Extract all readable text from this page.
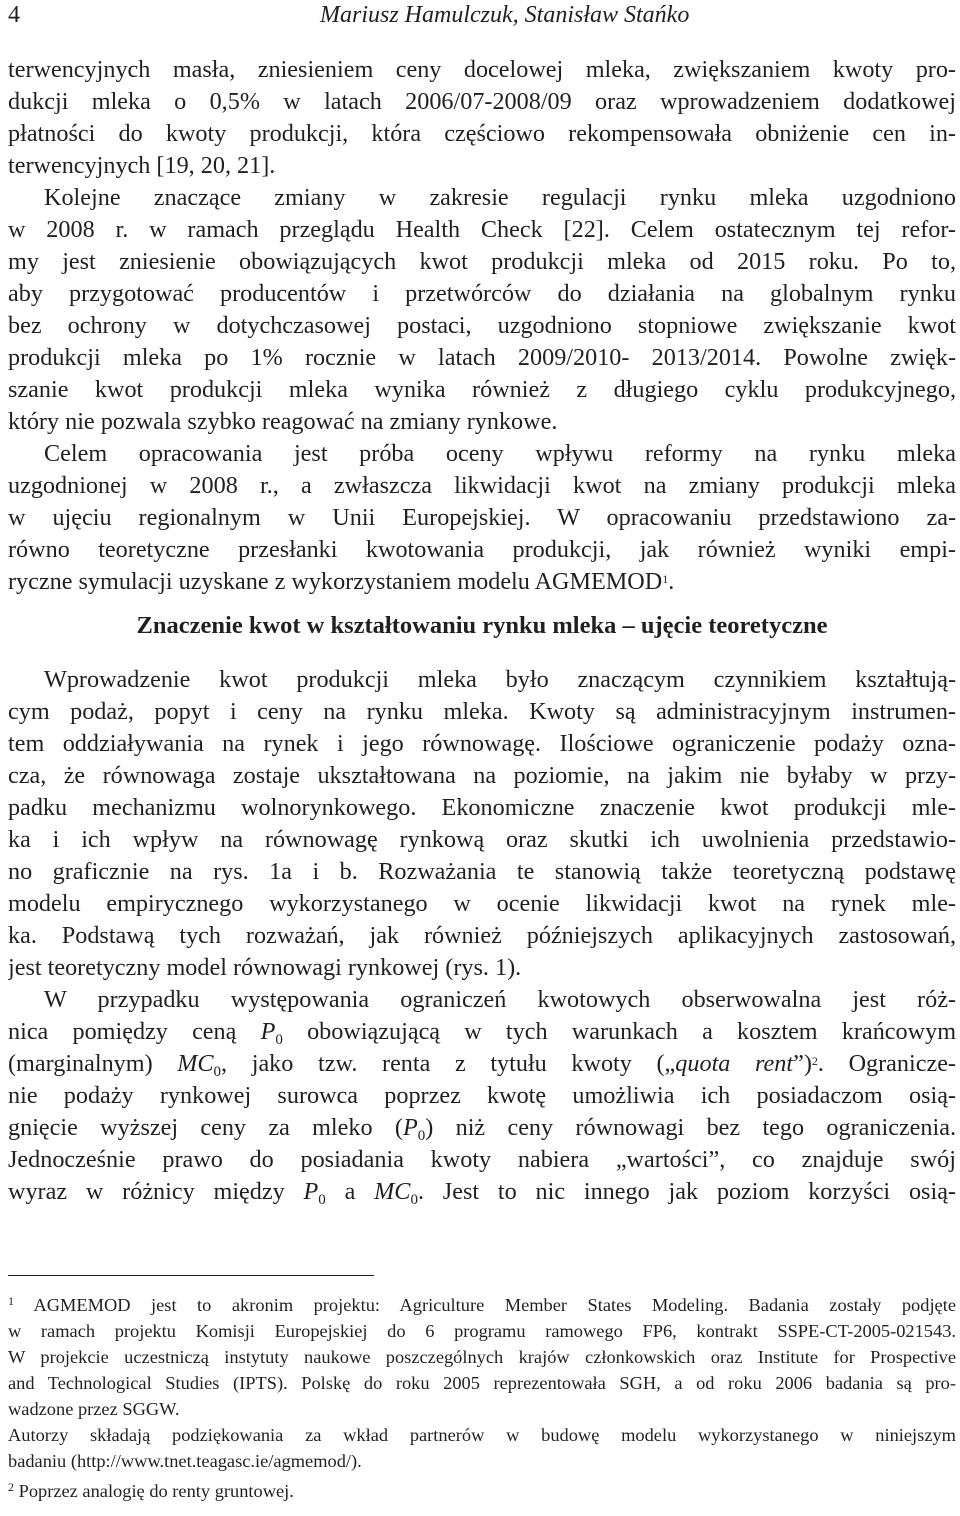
4	Mariusz Hamulczuk, Stanisław Stańko
terwencyjnych masła, zniesieniem ceny docelowej mleka, zwiększaniem kwoty pro-
dukcji mleka o 0,5% w latach 2006/07-2008/09 oraz wprowadzeniem dodatkowej
płatności do kwoty produkcji, która częściowo rekompensowała obniżenie cen in-
terwencyjnych [19, 20, 21].
Kolejne znaczące zmiany w zakresie regulacji rynku mleka uzgodniono
w 2008 r. w ramach przeglądu Health Check [22]. Celem ostatecznym tej refor-
my jest zniesienie obowiązujących kwot produkcji mleka od 2015 roku. Po to,
aby przygotować producentów i przetwórców do działania na globalnym rynku
bez ochrony w dotychczasowej postaci, uzgodniono stopniowe zwiększanie kwot
produkcji mleka po 1% rocznie w latach 2009/2010- 2013/2014. Powolne zwięk-
szanie kwot produkcji mleka wynika również z długiego cyklu produkcyjnego,
który nie pozwala szybko reagować na zmiany rynkowe.
Celem opracowania jest próba oceny wpływu reformy na rynku mleka
uzgodnionej w 2008 r., a zwłaszcza likwidacji kwot na zmiany produkcji mleka
w ujęciu regionalnym w Unii Europejskiej. W opracowaniu przedstawiono za-
równo teoretyczne przesłanki kwotowania produkcji, jak również wyniki empi-
ryczne symulacji uzyskane z wykorzystaniem modelu AGMEMOD$^1$.
Znaczenie kwot w kształtowaniu rynku mleka – ujęcie teoretyczne
Wprowadzenie kwot produkcji mleka było znaczącym czynnikiem kształtują-
cym podaż, popyt i ceny na rynku mleka. Kwoty są administracyjnym instrumen-
tem oddziaływania na rynek i jego równowagę. Ilościowe ograniczenie podaży ozna-
cza, że równowaga zostaje ukształtowana na poziomie, na jakim nie byłaby w przy-
padku mechanizmu wolnorynkowego. Ekonomiczne znaczenie kwot produkcji mle-
ka i ich wpływ na równowagę rynkową oraz skutki ich uwolnienia przedstawio-
no graficznie na rys. 1a i b. Rozważania te stanowią także teoretyczną podstawę
modelu empirycznego wykorzystanego w ocenie likwidacji kwot na rynek mle-
ka. Podstawą tych rozważań, jak również późniejszych aplikacyjnych zastosowań,
jest teoretyczny model równowagi rynkowej (rys. 1).
W przypadku występowania ograniczeń kwotowych obserwowalna jest róż-
nica pomiędzy ceną $P_0$ obowiązującą w tych warunkach a kosztem krańcowym
(marginalnym) $MC_0$, jako tzw. renta z tytułu kwoty („quota rent”)$^2$. Ogranicze-
nie podaży rynkowej surowca poprzez kwotę umożliwia ich posiadaczom osią-
gnięcie wyższej ceny za mleko $(P_0)$ niż ceny równowagi bez tego ograniczenia.
Jednocześnie prawo do posiadania kwoty nabiera „wartości”, co znajduje swój
wyraz w różnicy między $P_0$ a $MC_0$. Jest to nic innego jak poziom korzyści osią-
$^1$ AGMEMOD jest to akronim projektu: Agriculture Member States Modeling. Badania zostały podjęte
w ramach projektu Komisji Europejskiej do 6 programu ramowego FP6, kontrakt SSPE-CT-2005-021543.
W projekcie uczestniczą instytuty naukowe poszczególnych krajów członkowskich oraz Institute for Prospective
and Technological Studies (IPTS). Polskę do roku 2005 reprezentowała SGH, a od roku 2006 badania są pro-
wadzone przez SGGW.
Autorzy składają podziękowania za wkład partnerów w budowę modelu wykorzystanego w niniejszym
badaniu (http://www.tnet.teagasc.ie/agmemod/).
$^2$ Poprzez analogię do renty gruntowej.
